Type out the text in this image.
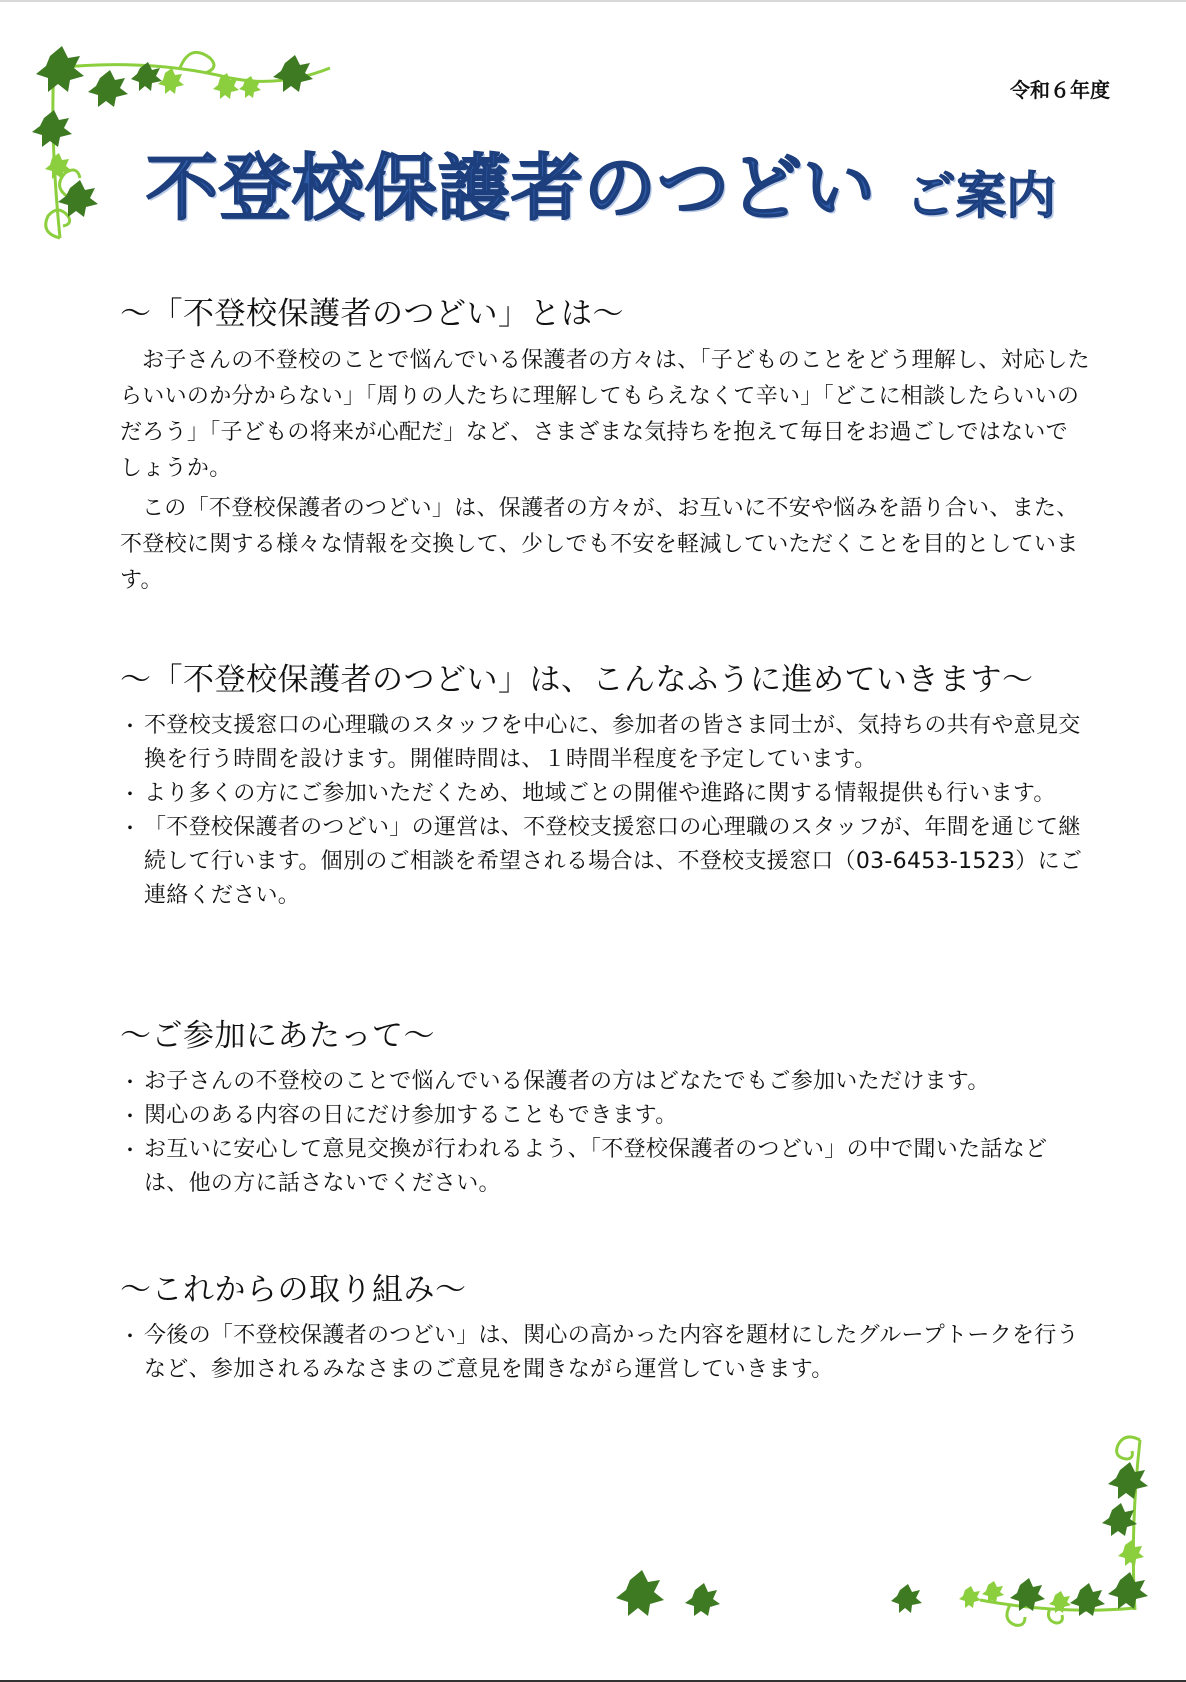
令和６年度
不登校保護者のつどい ご案内
〜「不登校保護者のつどい」とは〜

お子さんの不登校のことで悩んでいる保護者の方々は、「子どものことをどう理解し、対応したらいいのか分からない」「周りの人たちに理解してもらえなくて辛い」「どこに相談したらいいのだろう」「子どもの将来が心配だ」など、さまざまな気持ちを抱えて毎日をお過ごしではないでしょうか。

この「不登校保護者のつどい」は、保護者の方々が、お互いに不安や悩みを語り合い、また、不登校に関する様々な情報を交換して、少しでも不安を軽減していただくことを目的としています。

〜「不登校保護者のつどい」は、こんなふうに進めていきます〜
・ 不登校支援窓口の心理職のスタッフを中心に、参加者の皆さま同士が、気持ちの共有や意見交換を行う時間を設けます。開催時間は、１時間半程度を予定しています。
・ より多くの方にご参加いただくため、地域ごとの開催や進路に関する情報提供も行います。
・ 「不登校保護者のつどい」の運営は、不登校支援窓口の心理職のスタッフが、年間を通じて継続して行います。個別のご相談を希望される場合は、不登校支援窓口（03-6453-1523）にご連絡ください。
〜ご参加にあたって〜
・ お子さんの不登校のことで悩んでいる保護者の方はどなたでもご参加いただけます。
・ 関心のある内容の日にだけ参加することもできます。
・ お互いに安心して意見交換が行われるよう、「不登校保護者のつどい」の中で聞いた話などは、他の方に話さないでください。
〜これからの取り組み〜
・ 今後の「不登校保護者のつどい」は、関心の高かった内容を題材にしたグループトークを行うなど、参加されるみなさまのご意見を聞きながら運営していきます。
